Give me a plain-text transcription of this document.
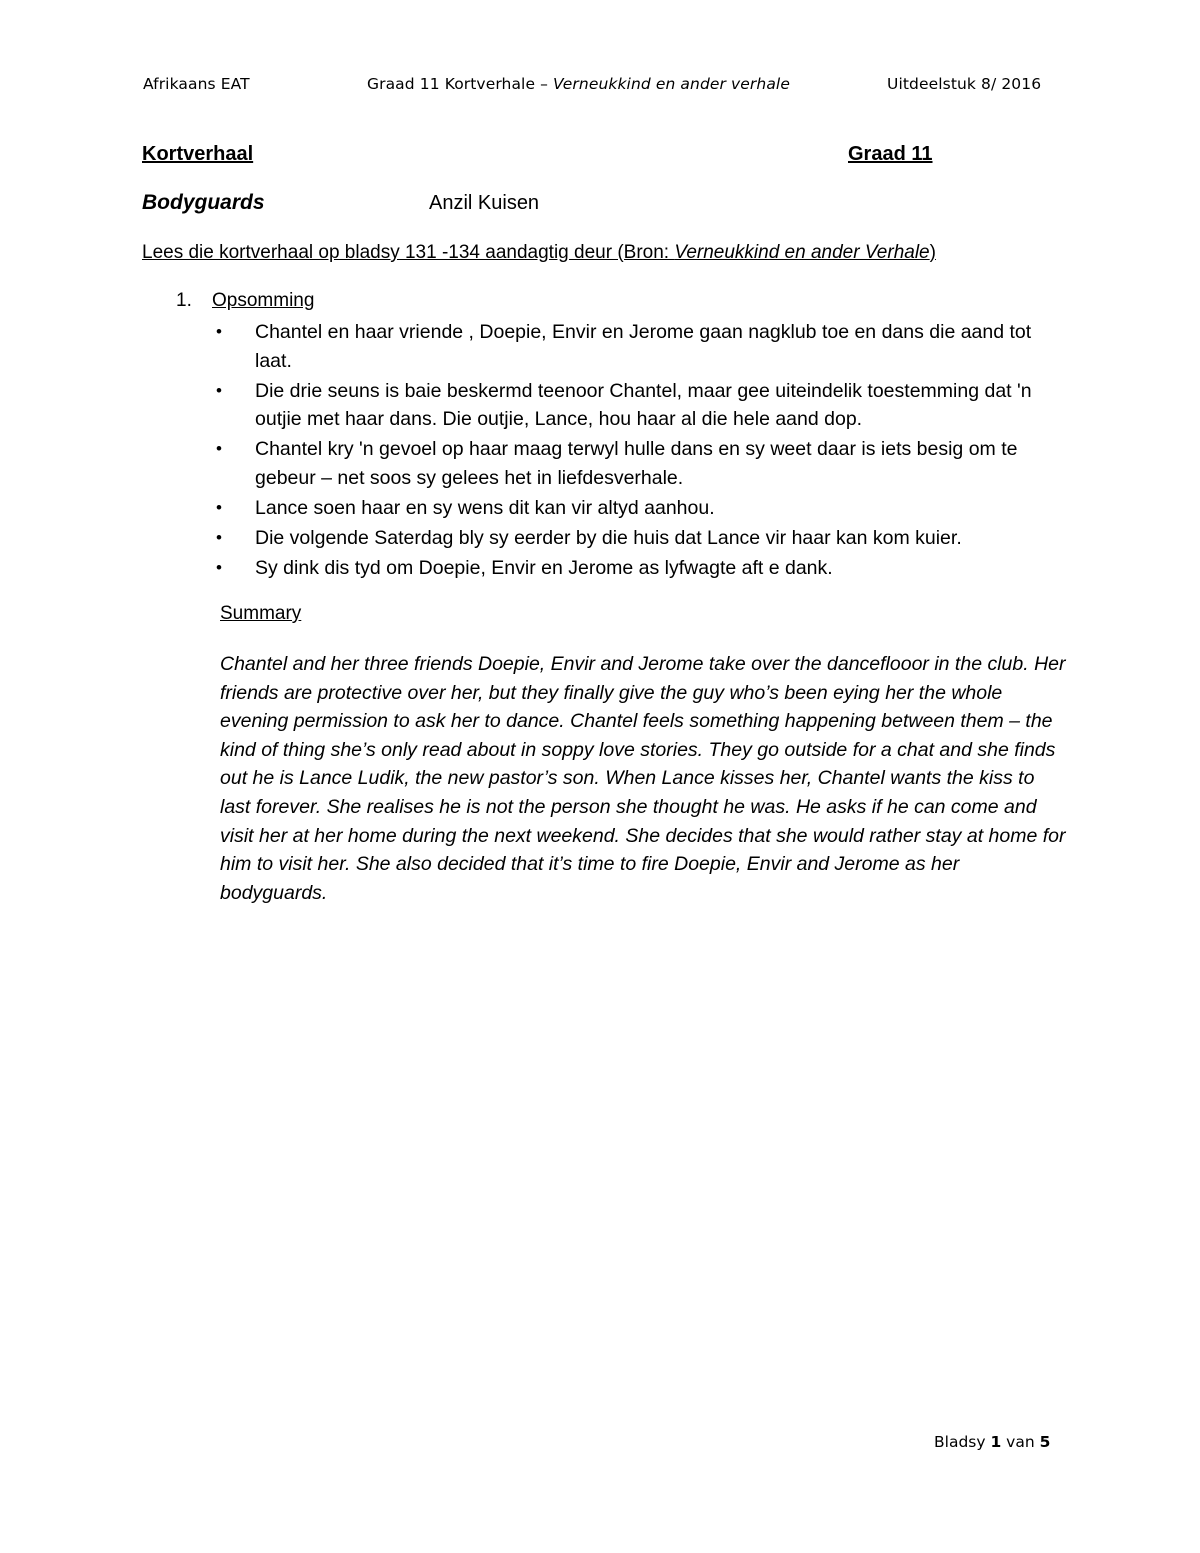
Afrikaans EAT	Graad 11 Kortverhale – Verneukkind en ander verhale	Uitdeelstuk 8/ 2016
Kortverhaal	Graad 11
Bodyguards	Anzil Kuisen
Lees die kortverhaal op bladsy 131 -134 aandagtig deur (Bron: Verneukkind en ander Verhale)
1. Opsomming
• Chantel en haar vriende , Doepie, Envir en Jerome gaan nagklub toe en dans die aand tot laat.
• Die drie seuns is baie beskermd teenoor Chantel, maar gee uiteindelik toestemming dat 'n outjie met haar dans. Die outjie, Lance, hou haar al die hele aand dop.
• Chantel kry 'n gevoel op haar maag terwyl hulle dans en sy weet daar is iets besig om te gebeur – net soos sy gelees het in liefdesverhale.
• Lance soen haar en sy wens dit kan vir altyd aanhou.
• Die volgende Saterdag bly sy eerder by die huis dat Lance vir haar kan kom kuier.
• Sy dink dis tyd om Doepie, Envir en Jerome as lyfwagte aft e dank.
Summary

Chantel and her three friends Doepie, Envir and Jerome take over the danceflooor in the club. Her friends are protective over her, but they finally give the guy who’s been eying her the whole evening permission to ask her to dance. Chantel feels something happening between them – the kind of thing she’s only read about in soppy love stories. They go outside for a chat and she finds out he is Lance Ludik, the new pastor’s son. When Lance kisses her, Chantel wants the kiss to last forever. She realises he is not the person she thought he was. He asks if he can come and visit her at her home during the next weekend. She decides that she would rather stay at home for him to visit her. She also decided that it’s time to fire Doepie, Envir and Jerome as her bodyguards.

Bladsy 1 van 5
